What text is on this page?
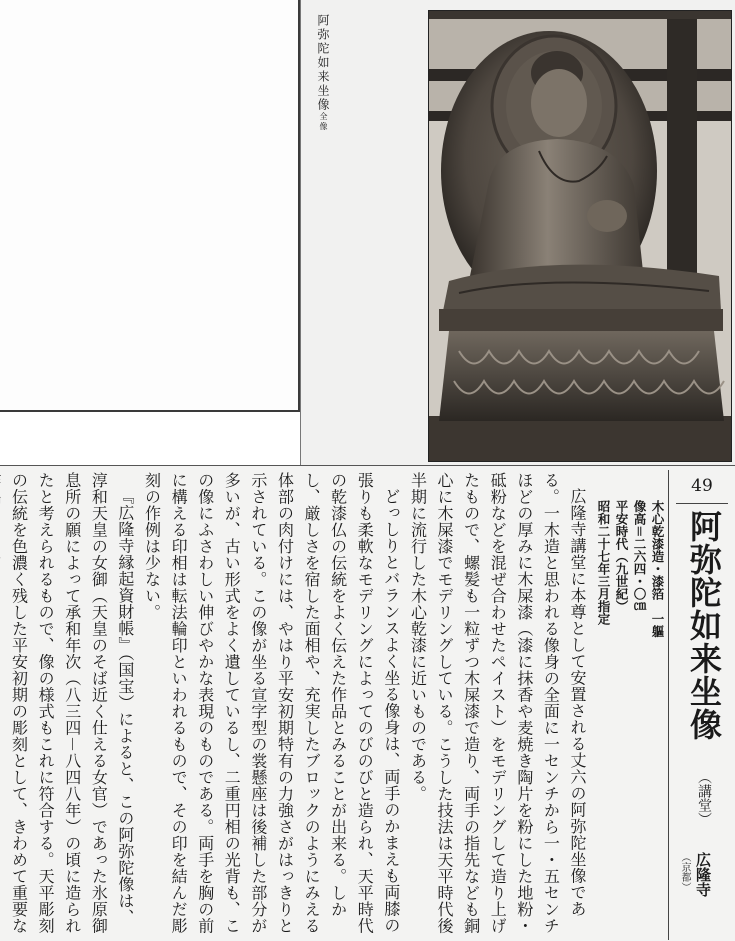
阿弥陀如来坐像全像

広隆寺講堂に本尊として安置される丈六の阿弥陀坐像である。一木造と思われる像身の全面に一センチから一・五センチほどの厚みに木屎漆（漆に抹香や麦焼き陶片を粉にした地粉・砥粉などを混ぜ合わせたペイスト）をモデリングして造り上げたもので、螺髪も一粒ずつ木屎漆で造り、両手の指先なども銅心に木屎漆でモデリングしている。こうした技法は天平時代後半期に流行した木心乾漆に近いものである。

どっしりとバランスよく坐る像身は、両手のかまえも両膝の張りも柔軟なモデリングによってのびのびと造られ、天平時代の乾漆仏の伝統をよく伝えた作品とみることが出来る。しかし、厳しさを宿した面相や、充実したブロックのようにみえる体部の肉付けには、やはり平安初期特有の力強さがはっきりと示されている。この像が坐る宣字型の裳懸座は後補した部分が多いが、古い形式をよく遺しているし、二重円相の光背も、この像にふさわしい伸びやかな表現のものである。両手を胸の前に構える印相は転法輪印といわれるもので、その印を結んだ彫刻の作例は少ない。

『広隆寺縁起資財帳』（国宝）によると、この阿弥陀像は、淳和天皇の女御（天皇のそば近く仕える女官）であった氷原御息所の願によって承和年次（八三四－八四八年）の頃に造られたと考えられるもので、像の様式もこれに符合する。天平彫刻の伝統を色濃く残した平安初期の彫刻として、きわめて重要な

木心乾漆造・漆箔　一軀
像高＝二六四・〇㎝
平安時代（九世紀）
昭和二十七年三月指定
49
阿弥陀如来坐像
（講堂）
広隆寺（京都）
